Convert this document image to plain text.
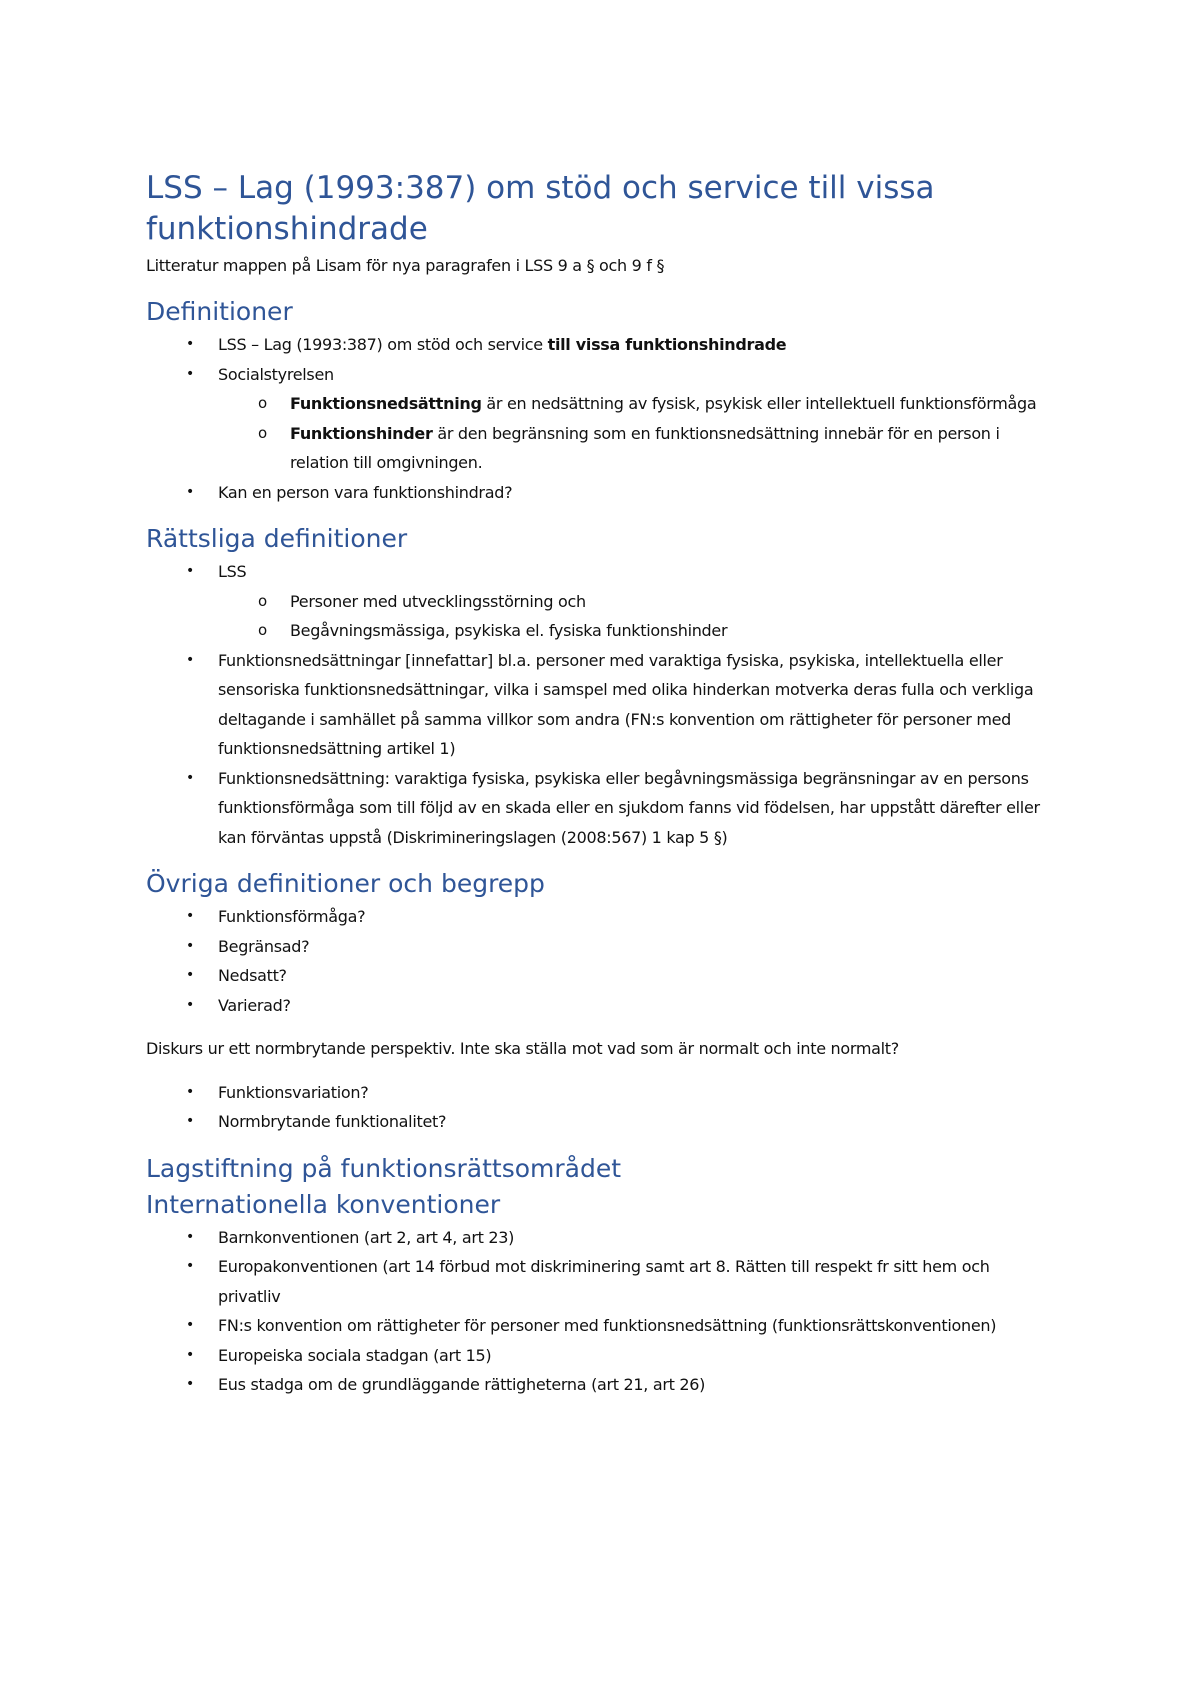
LSS – Lag (1993:387) om stöd och service till vissa funktionshindrade

Litteratur mappen på Lisam för nya paragrafen i LSS 9 a § och 9 f §

Definitioner
• LSS – Lag (1993:387) om stöd och service till vissa funktionshindrade
• Socialstyrelsen
o Funktionsnedsättning är en nedsättning av fysisk, psykisk eller intellektuell funktionsförmåga
o Funktionshinder är den begränsning som en funktionsnedsättning innebär för en person i relation till omgivningen.
• Kan en person vara funktionshindrad?
Rättsliga definitioner
• LSS
o Personer med utvecklingsstörning och
o Begåvningsmässiga, psykiska el. fysiska funktionshinder
• Funktionsnedsättningar [innefattar] bl.a. personer med varaktiga fysiska, psykiska, intellektuella eller sensoriska funktionsnedsättningar, vilka i samspel med olika hinderkan motverka deras fulla och verkliga deltagande i samhället på samma villkor som andra (FN:s konvention om rättigheter för personer med funktionsnedsättning artikel 1)
• Funktionsnedsättning: varaktiga fysiska, psykiska eller begåvningsmässiga begränsningar av en persons funktionsförmåga som till följd av en skada eller en sjukdom fanns vid födelsen, har uppstått därefter eller kan förväntas uppstå (Diskrimineringslagen (2008:567) 1 kap 5 §)
Övriga definitioner och begrepp
• Funktionsförmåga?
• Begränsad?
• Nedsatt?
• Varierad?

Diskurs ur ett normbrytande perspektiv. Inte ska ställa mot vad som är normalt och inte normalt?

• Funktionsvariation?
• Normbrytande funktionalitet?
Lagstiftning på funktionsrättsområdet
Internationella konventioner
• Barnkonventionen (art 2, art 4, art 23)
• Europakonventionen (art 14 förbud mot diskriminering samt art 8. Rätten till respekt fr sitt hem och privatliv
• FN:s konvention om rättigheter för personer med funktionsnedsättning (funktionsrättskonventionen)
• Europeiska sociala stadgan (art 15)
• Eus stadga om de grundläggande rättigheterna (art 21, art 26)
